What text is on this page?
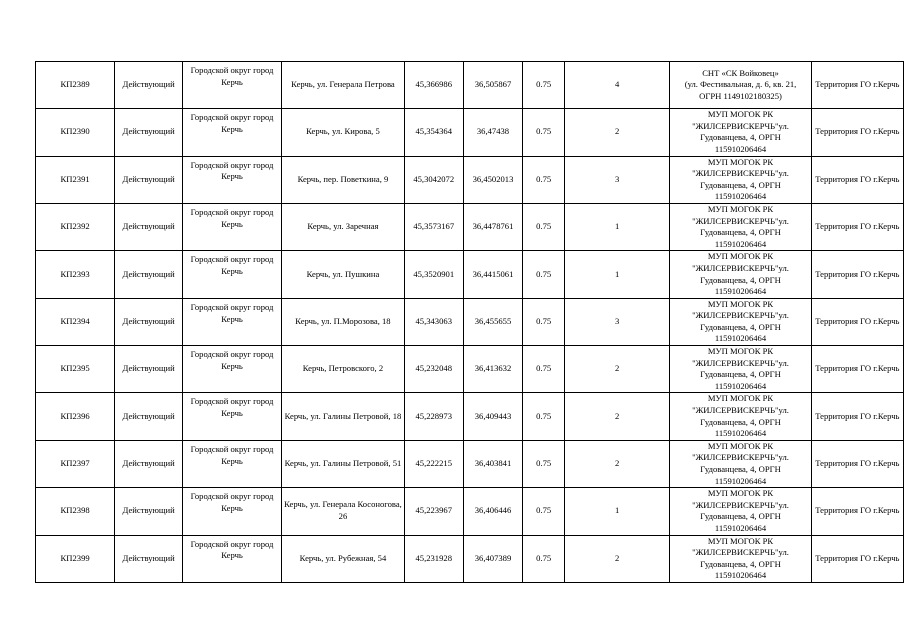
КП2389	Действующий	Городской округ город Керчь	Керчь, ул. Генерала Петрова	45,366986	36,505867	0.75	4	СНТ «СК Войковец»
(ул. Фестивальная, д. 6, кв. 21,
ОГРН 1149102180325)	Территория ГО г.Керчь
КП2390	Действующий	Городской округ город Керчь	Керчь, ул. Кирова, 5	45,354364	36,47438	0.75	2	МУП МОГОК РК
"ЖИЛСЕРВИСКЕРЧЬ"ул.
Гудованцева, 4, ОРГН
115910206464	Территория ГО г.Керчь
КП2391	Действующий	Городской округ город Керчь	Керчь, пер. Поветкина, 9	45,3042072	36,4502013	0.75	3	МУП МОГОК РК
"ЖИЛСЕРВИСКЕРЧЬ"ул.
Гудованцева, 4, ОРГН
115910206464	Территория ГО г.Керчь
КП2392	Действующий	Городской округ город Керчь	Керчь, ул. Заречная	45,3573167	36,4478761	0.75	1	МУП МОГОК РК
"ЖИЛСЕРВИСКЕРЧЬ"ул.
Гудованцева, 4, ОРГН
115910206464	Территория ГО г.Керчь
КП2393	Действующий	Городской округ город Керчь	Керчь, ул. Пушкина	45,3520901	36,4415061	0.75	1	МУП МОГОК РК
"ЖИЛСЕРВИСКЕРЧЬ"ул.
Гудованцева, 4, ОРГН
115910206464	Территория ГО г.Керчь
КП2394	Действующий	Городской округ город Керчь	Керчь, ул. П.Морозова, 18	45,343063	36,455655	0.75	3	МУП МОГОК РК
"ЖИЛСЕРВИСКЕРЧЬ"ул.
Гудованцева, 4, ОРГН
115910206464	Территория ГО г.Керчь
КП2395	Действующий	Городской округ город Керчь	Керчь, Петровского, 2	45,232048	36,413632	0.75	2	МУП МОГОК РК
"ЖИЛСЕРВИСКЕРЧЬ"ул.
Гудованцева, 4, ОРГН
115910206464	Территория ГО г.Керчь
КП2396	Действующий	Городской округ город Керчь	Керчь, ул. Галины Петровой, 18	45,228973	36,409443	0.75	2	МУП МОГОК РК
"ЖИЛСЕРВИСКЕРЧЬ"ул.
Гудованцева, 4, ОРГН
115910206464	Территория ГО г.Керчь
КП2397	Действующий	Городской округ город Керчь	Керчь, ул. Галины Петровой, 51	45,222215	36,403841	0.75	2	МУП МОГОК РК
"ЖИЛСЕРВИСКЕРЧЬ"ул.
Гудованцева, 4, ОРГН
115910206464	Территория ГО г.Керчь
КП2398	Действующий	Городской округ город Керчь	Керчь, ул. Генерала Косоногова, 26	45,223967	36,406446	0.75	1	МУП МОГОК РК
"ЖИЛСЕРВИСКЕРЧЬ"ул.
Гудованцева, 4, ОРГН
115910206464	Территория ГО г.Керчь
КП2399	Действующий	Городской округ город Керчь	Керчь, ул. Рубежная, 54	45,231928	36,407389	0.75	2	МУП МОГОК РК
"ЖИЛСЕРВИСКЕРЧЬ"ул.
Гудованцева, 4, ОРГН
115910206464	Территория ГО г.Керчь
